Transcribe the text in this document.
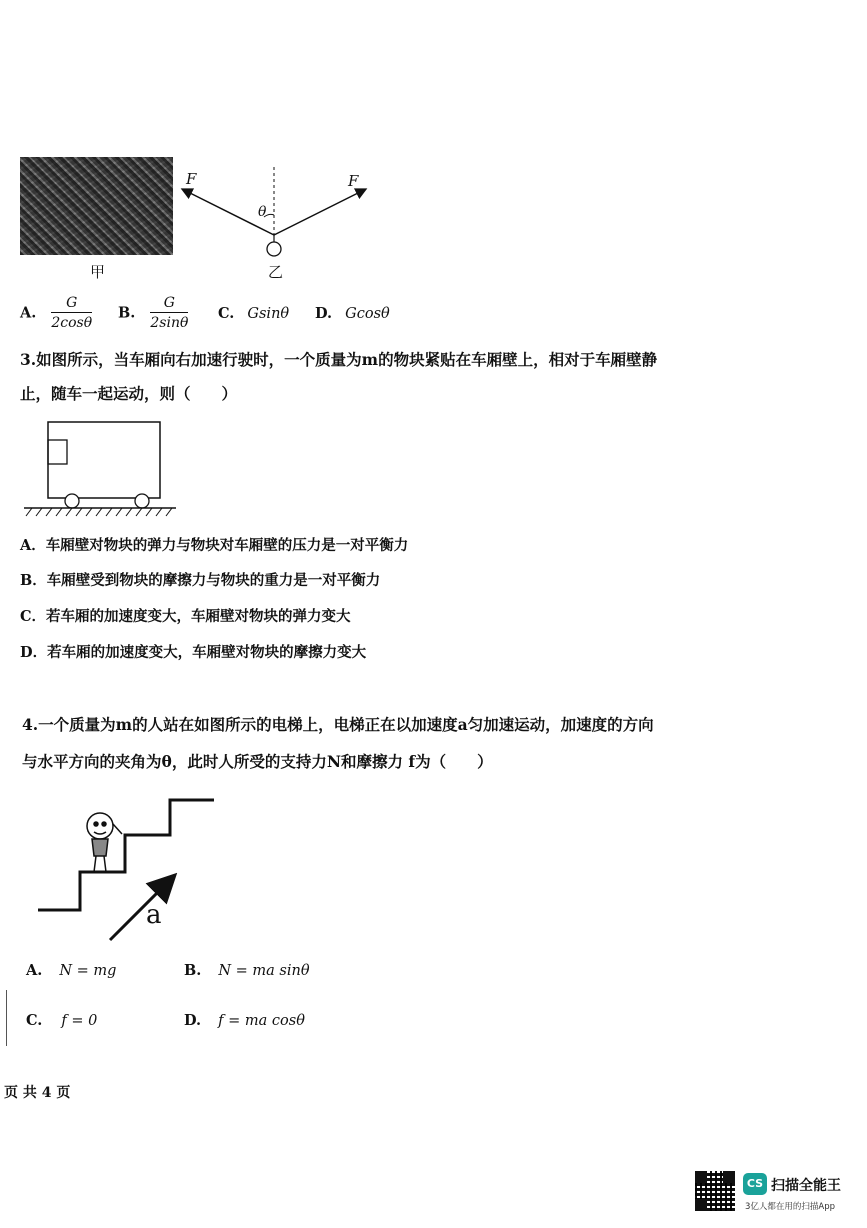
甲
F	F
θ
乙
A. $\frac{G}{2\cos\theta} B$. $\frac{G}{2\sin\theta} C$. Gsinθ D. Gcosθ
3.如图所示，当车厢向右加速行驶时，一个质量为m的物块紧贴在车厢壁上，相对于车厢壁静
止，随车一起运动，则（　　）
A．车厢壁对物块的弹力与物块对车厢壁的压力是一对平衡力
B．车厢壁受到物块的摩擦力与物块的重力是一对平衡力
C．若车厢的加速度变大，车厢壁对物块的弹力变大
D．若车厢的加速度变大，车厢壁对物块的摩擦力变大
4.一个质量为m的人站在如图所示的电梯上，电梯正在以加速度a匀加速运动，加速度的方向
与水平方向的夹角为θ，此时人所受的支持力N和摩擦力 f为（　　）
a
A. N = mg	B. N = ma sinθ
C. f = 0	D. f = ma cosθ
页 共 4 页
CS 扫描全能王
3亿人都在用的扫描App
